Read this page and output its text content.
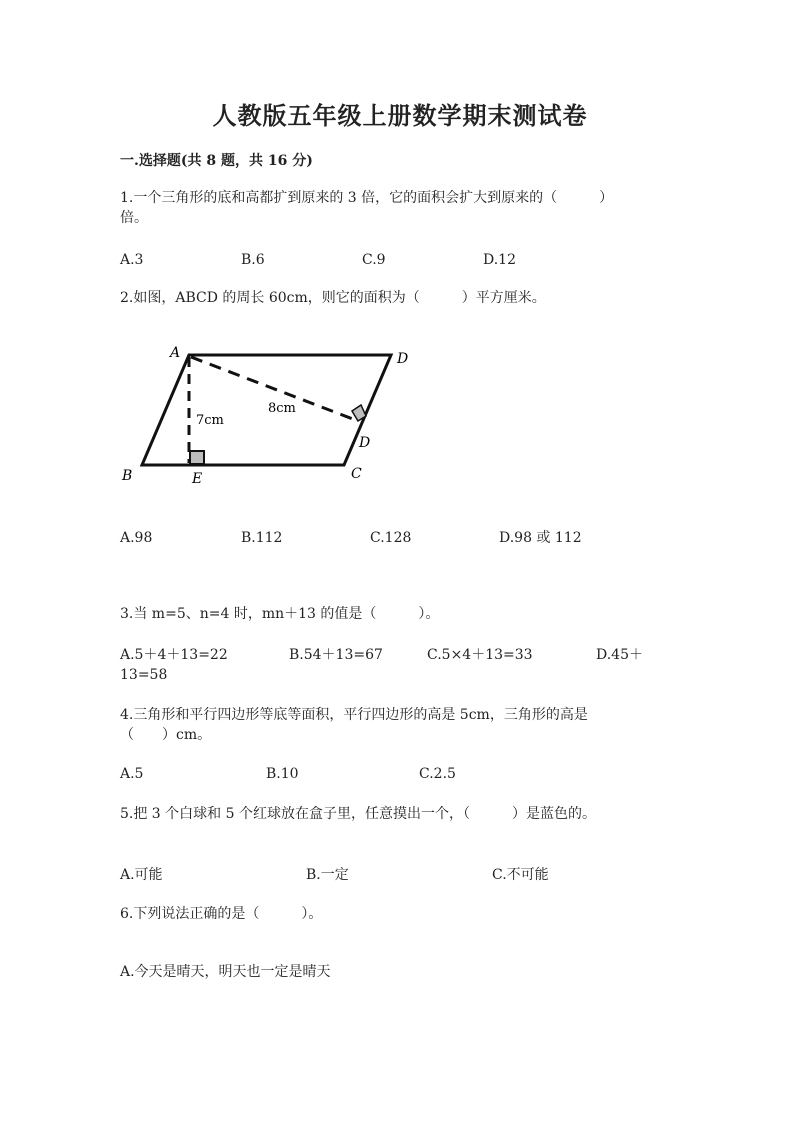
人教版五年级上册数学期末测试卷
一.选择题(共 8 题，共 16 分)
1.一个三角形的底和高都扩到原来的 3 倍，它的面积会扩大到原来的（　　　）
倍。
A.3	B.6	C.9	D.12
2.如图，ABCD 的周长 60cm，则它的面积为（　　　）平方厘米。
A	D
B	E	C
D
7cm
8cm
A.98	B.112	C.128	D.98 或 112
3.当 m=5、n=4 时，mn＋13 的值是（　　　）。
A.5＋4＋13=22	B.54＋13=67	C.5×4＋13=33	D.45＋
13=58
4.三角形和平行四边形等底等面积，平行四边形的高是 5cm，三角形的高是
（　　）cm。
A.5	B.10	C.2.5
5.把 3 个白球和 5 个红球放在盒子里，任意摸出一个，（　　　）是蓝色的。
A.可能	B.一定	C.不可能
6.下列说法正确的是（　　　）。
A.今天是晴天，明天也一定是晴天
